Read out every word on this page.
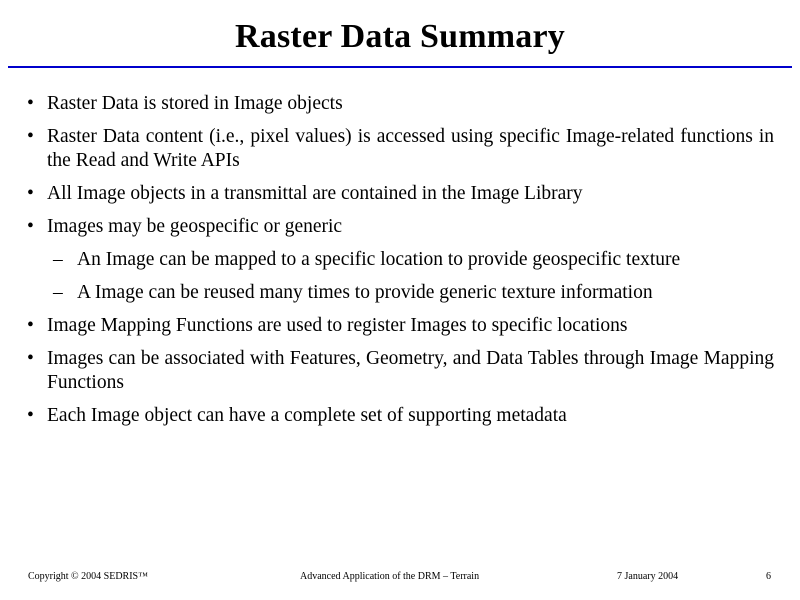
Raster Data Summary
• Raster Data is stored in Image objects
• Raster Data content (i.e., pixel values) is accessed using specific Image-related functions in the Read and Write APIs
• All Image objects in a transmittal are contained in the Image Library
• Images may be geospecific or generic
– An Image can be mapped to a specific location to provide geospecific texture
– A Image can be reused many times to provide generic texture information
• Image Mapping Functions are used to register Images to specific locations
• Images can be associated with Features, Geometry, and Data Tables through Image Mapping Functions
• Each Image object can have a complete set of supporting metadata
Copyright © 2004 SEDRIS™	Advanced Application of the DRM – Terrain	7 January 2004	6
